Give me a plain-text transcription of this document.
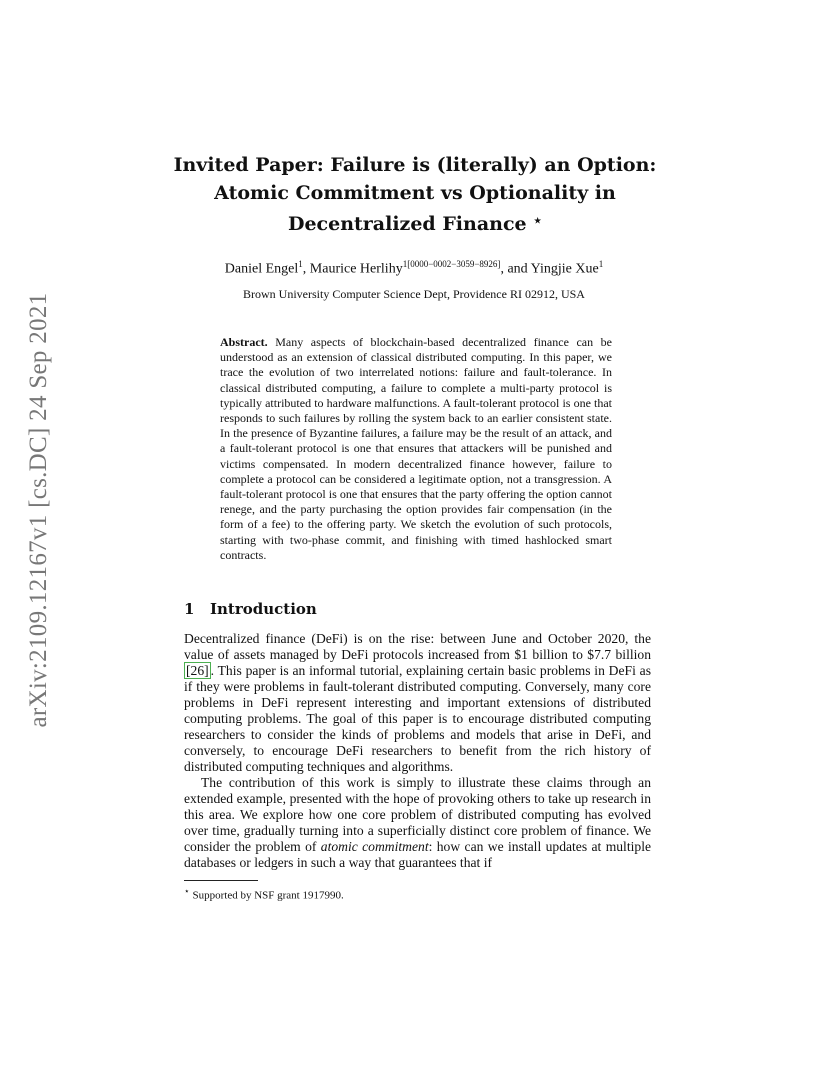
arXiv:2109.12167v1 [cs.DC] 24 Sep 2021
Invited Paper: Failure is (literally) an Option:
Atomic Commitment vs Optionality in
Decentralized Finance ⋆
Daniel Engel$^1$, Maurice Herlihy$^{1[0000-0002-3059-8926]}$, and Yingjie Xue$^1$
Brown University Computer Science Dept, Providence RI 02912, USA
Abstract. Many aspects of blockchain-based decentralized finance can be understood as an extension of classical distributed computing. In this paper, we trace the evolution of two interrelated notions: failure and fault-tolerance. In classical distributed computing, a failure to complete a multi-party protocol is typically attributed to hardware malfunctions. A fault-tolerant protocol is one that responds to such failures by rolling the system back to an earlier consistent state. In the presence of Byzantine failures, a failure may be the result of an attack, and a fault-tolerant protocol is one that ensures that attackers will be punished and victims compensated. In modern decentralized finance however, failure to complete a protocol can be considered a legitimate option, not a transgression. A fault-tolerant protocol is one that ensures that the party offering the option cannot renege, and the party purchasing the option provides fair compensation (in the form of a fee) to the offering party. We sketch the evolution of such protocols, starting with two-phase commit, and finishing with timed hashlocked smart contracts.
1 Introduction

Decentralized finance (DeFi) is on the rise: between June and October 2020, the value of assets managed by DeFi protocols increased from $1 billion to $7.7 billion [26] . This paper is an informal tutorial, explaining certain basic problems in DeFi as if they were problems in fault-tolerant distributed computing. Conversely, many core problems in DeFi represent interesting and important extensions of distributed computing problems. The goal of this paper is to encourage distributed computing researchers to consider the kinds of problems and models that arise in DeFi, and conversely, to encourage DeFi researchers to benefit from the rich history of distributed computing techniques and algorithms.

The contribution of this work is simply to illustrate these claims through an extended example, presented with the hope of provoking others to take up research in this area. We explore how one core problem of distributed computing has evolved over time, gradually turning into a superficially distinct core problem of finance. We consider the problem of atomic commitment: how can we install updates at multiple databases or ledgers in such a way that guarantees that if

⋆ Supported by NSF grant 1917990.
